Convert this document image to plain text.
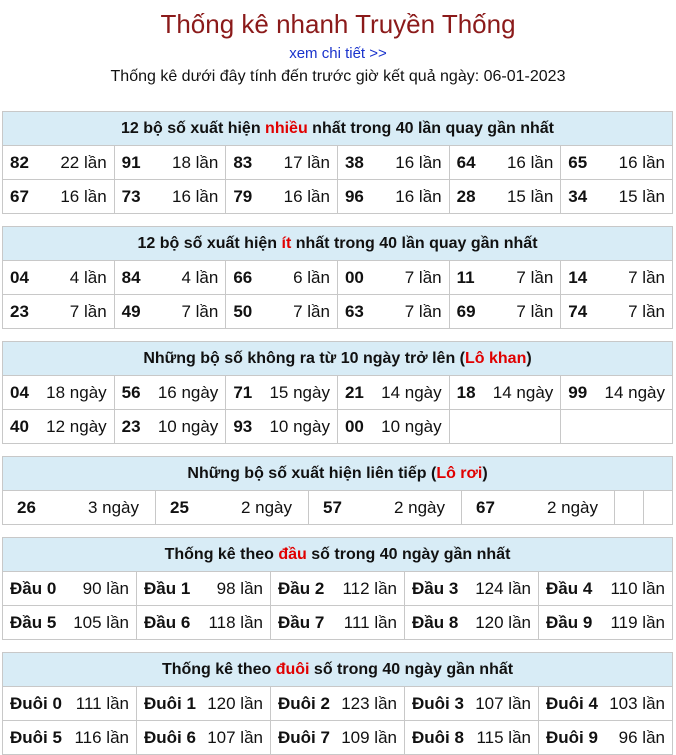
Thống kê nhanh Truyền Thống
xem chi tiết >>
Thống kê dưới đây tính đến trước giờ kết quả ngày: 06-01-2023
12 bộ số xuất hiện nhiều nhất trong 40 lần quay gần nhất					

82 22 lần	91 18 lần	83 17 lần	38 16 lần	64 16 lần	65 16 lần

67 16 lần	73 16 lần	79 16 lần	96 16 lần	28 15 lần	34 15 lần
12 bộ số xuất hiện ít nhất trong 40 lần quay gần nhất					

04 4 lần	84 4 lần	66 6 lần	00 7 lần	11 7 lần	14 7 lần

23 7 lần	49 7 lần	50 7 lần	63 7 lần	69 7 lần	74 7 lần
Những bộ số không ra từ 10 ngày trở lên (Lô khan)					

04 18 ngày	56 16 ngày	71 15 ngày	21 14 ngày	18 14 ngày	99 14 ngày

40 12 ngày	23 10 ngày	93 10 ngày	00 10 ngày		

Những bộ số xuất hiện liên tiếp (Lô rơi)

26	3 ngày	25	2 ngày	57	2 ngày	67	2 ngày

Thống kê theo đầu số trong 40 ngày gần nhất				

Đầu 0 90 lần	Đầu 1 98 lần	Đầu 2 112 lần	Đầu 3 124 lần	Đầu 4 110 lần

Đầu 5 105 lần	Đầu 6 118 lần	Đầu 7 111 lần	Đầu 8 120 lần	Đầu 9 119 lần
Thống kê theo đuôi số trong 40 ngày gần nhất				

Đuôi 0 111 lần	Đuôi 1 120 lần	Đuôi 2 123 lần	Đuôi 3 107 lần	Đuôi 4 103 lần

Đuôi 5 116 lần	Đuôi 6 107 lần	Đuôi 7 109 lần	Đuôi 8 115 lần	Đuôi 9 96 lần
